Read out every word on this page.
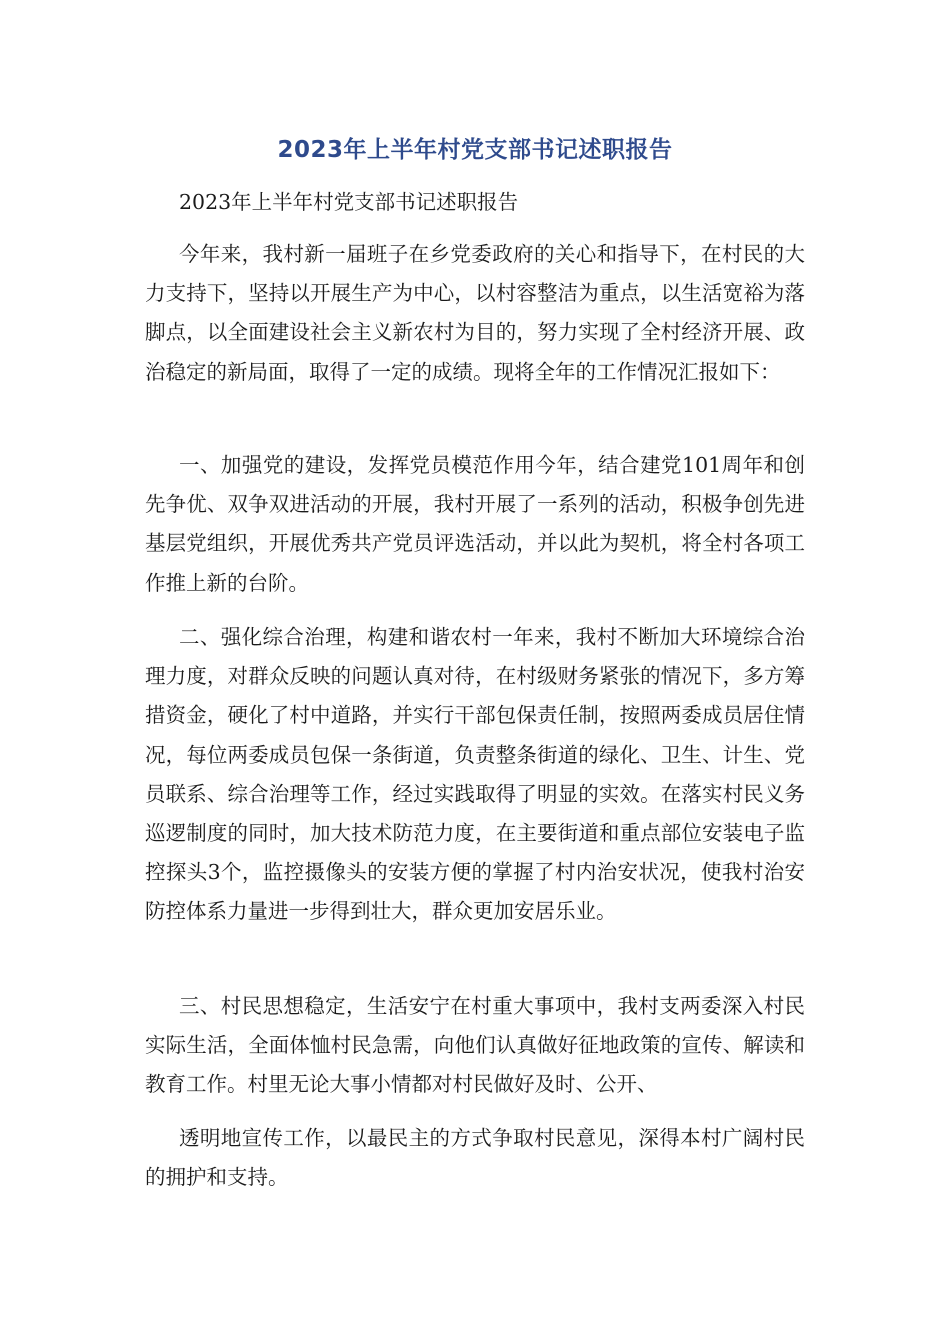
2023年上半年村党支部书记述职报告

2023年上半年村党支部书记述职报告

今年来，我村新一届班子在乡党委政府的关心和指导下，在村民的大力支持下，坚持以开展生产为中心，以村容整洁为重点，以生活宽裕为落脚点，以全面建设社会主义新农村为目的，努力实现了全村经济开展、政治稳定的新局面，取得了一定的成绩。现将全年的工作情况汇报如下：

一、加强党的建设，发挥党员模范作用今年，结合建党101周年和创先争优、双争双进活动的开展，我村开展了一系列的活动，积极争创先进基层党组织，开展优秀共产党员评选活动，并以此为契机，将全村各项工作推上新的台阶。

二、强化综合治理，构建和谐农村一年来，我村不断加大环境综合治理力度，对群众反映的问题认真对待，在村级财务紧张的情况下，多方筹措资金，硬化了村中道路，并实行干部包保责任制，按照两委成员居住情况，每位两委成员包保一条街道，负责整条街道的绿化、卫生、计生、党员联系、综合治理等工作，经过实践取得了明显的实效。在落实村民义务巡逻制度的同时，加大技术防范力度，在主要街道和重点部位安装电子监控探头3个，监控摄像头的安装方便的掌握了村内治安状况，使我村治安防控体系力量进一步得到壮大，群众更加安居乐业。

三、村民思想稳定，生活安宁在村重大事项中，我村支两委深入村民实际生活，全面体恤村民急需，向他们认真做好征地政策的宣传、解读和教育工作。村里无论大事小情都对村民做好及时、公开、

透明地宣传工作，以最民主的方式争取村民意见，深得本村广阔村民的拥护和支持。
